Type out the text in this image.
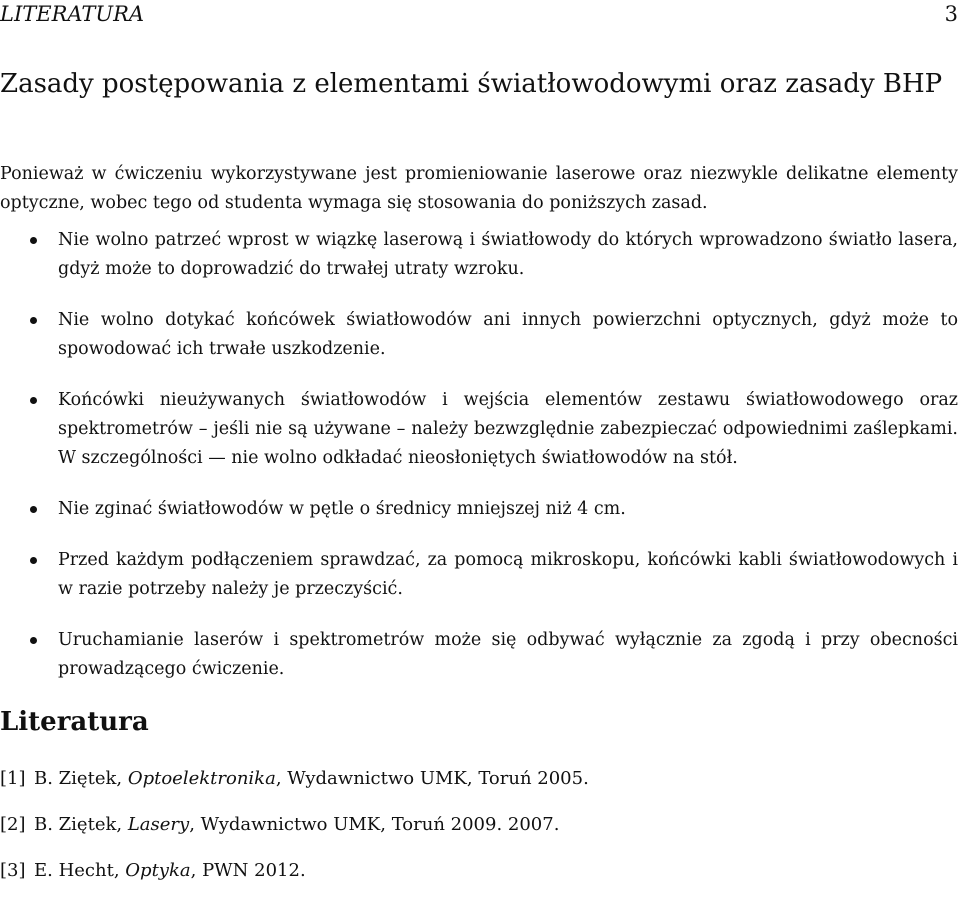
LITERATURA	3
Zasady postępowania z elementami światłowodowymi oraz zasady BHP

Ponieważ w ćwiczeniu wykorzystywane jest promieniowanie laserowe oraz niezwykle delikatne elementy optyczne, wobec tego od studenta wymaga się stosowania do poniższych zasad.

Nie wolno patrzeć wprost w wiązkę laserową i światłowody do których wprowadzono światło lasera, gdyż może to doprowadzić do trwałej utraty wzroku.
Nie wolno dotykać końcówek światłowodów ani innych powierzchni optycznych, gdyż może to spowodować ich trwałe uszkodzenie.
Końcówki nieużywanych światłowodów i wejścia elementów zestawu światłowodowego oraz spektrometrów – jeśli nie są używane – należy bezwzględnie zabezpieczać odpowiednimi zaślepkami. W szczególności — nie wolno odkładać nieosłoniętych światłowodów na stół.
Nie zginać światłowodów w pętle o średnicy mniejszej niż 4 cm.
Przed każdym podłączeniem sprawdzać, za pomocą mikroskopu, końcówki kabli światłowodowych i w razie potrzeby należy je przeczyścić.
Uruchamianie laserów i spektrometrów może się odbywać wyłącznie za zgodą i przy obecności prowadzącego ćwiczenie.
Literatura
[1] B. Ziętek, Optoelektronika, Wydawnictwo UMK, Toruń 2005.
[2] B. Ziętek, Lasery, Wydawnictwo UMK, Toruń 2009. 2007.
[3] E. Hecht, Optyka, PWN 2012.
